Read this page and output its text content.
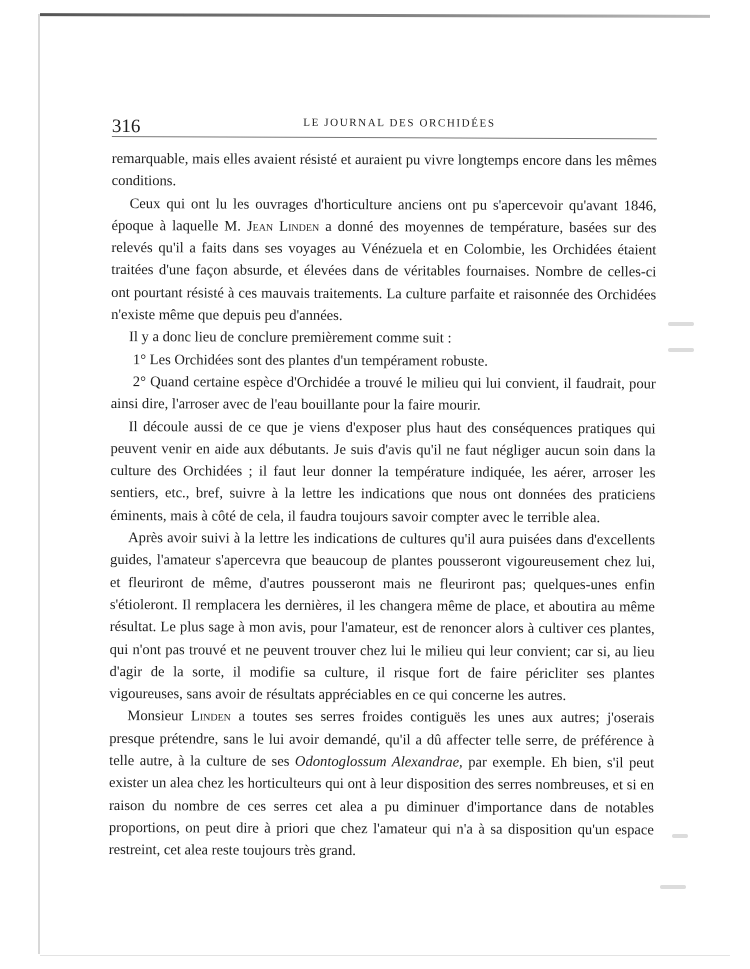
316	LE JOURNAL DES ORCHIDÉES

remarquable, mais elles avaient résisté et auraient pu vivre longtemps encore dans les mêmes conditions.

Ceux qui ont lu les ouvrages d'horticulture anciens ont pu s'apercevoir qu'avant 1846, époque à laquelle M. Jean Linden a donné des moyennes de température, basées sur des relevés qu'il a faits dans ses voyages au Vénézuela et en Colombie, les Orchidées étaient traitées d'une façon absurde, et élevées dans de véritables fournaises. Nombre de celles-ci ont pourtant résisté à ces mauvais traitements. La culture parfaite et raisonnée des Orchidées n'existe même que depuis peu d'années.

Il y a donc lieu de conclure premièrement comme suit :

1° Les Orchidées sont des plantes d'un tempérament robuste.

2° Quand certaine espèce d'Orchidée a trouvé le milieu qui lui convient, il faudrait, pour ainsi dire, l'arroser avec de l'eau bouillante pour la faire mourir.

Il découle aussi de ce que je viens d'exposer plus haut des conséquences pratiques qui peuvent venir en aide aux débutants. Je suis d'avis qu'il ne faut négliger aucun soin dans la culture des Orchidées ; il faut leur donner la température indiquée, les aérer, arroser les sentiers, etc., bref, suivre à la lettre les indications que nous ont données des praticiens éminents, mais à côté de cela, il faudra toujours savoir compter avec le terrible alea.

Après avoir suivi à la lettre les indications de cultures qu'il aura puisées dans d'excellents guides, l'amateur s'apercevra que beaucoup de plantes pousseront vigoureusement chez lui, et fleuriront de même, d'autres pousseront mais ne fleuriront pas; quelques-unes enfin s'étioleront. Il remplacera les dernières, il les changera même de place, et aboutira au même résultat. Le plus sage à mon avis, pour l'amateur, est de renoncer alors à cultiver ces plantes, qui n'ont pas trouvé et ne peuvent trouver chez lui le milieu qui leur convient; car si, au lieu d'agir de la sorte, il modifie sa culture, il risque fort de faire péricliter ses plantes vigoureuses, sans avoir de résultats appréciables en ce qui concerne les autres.

Monsieur Linden a toutes ses serres froides contiguës les unes aux autres; j'oserais presque prétendre, sans le lui avoir demandé, qu'il a dû affecter telle serre, de préférence à telle autre, à la culture de ses Odontoglossum Alexandrae, par exemple. Eh bien, s'il peut exister un alea chez les horticulteurs qui ont à leur disposition des serres nombreuses, et si en raison du nombre de ces serres cet alea a pu diminuer d'importance dans de notables proportions, on peut dire à priori que chez l'amateur qui n'a à sa disposition qu'un espace restreint, cet alea reste toujours très grand.
